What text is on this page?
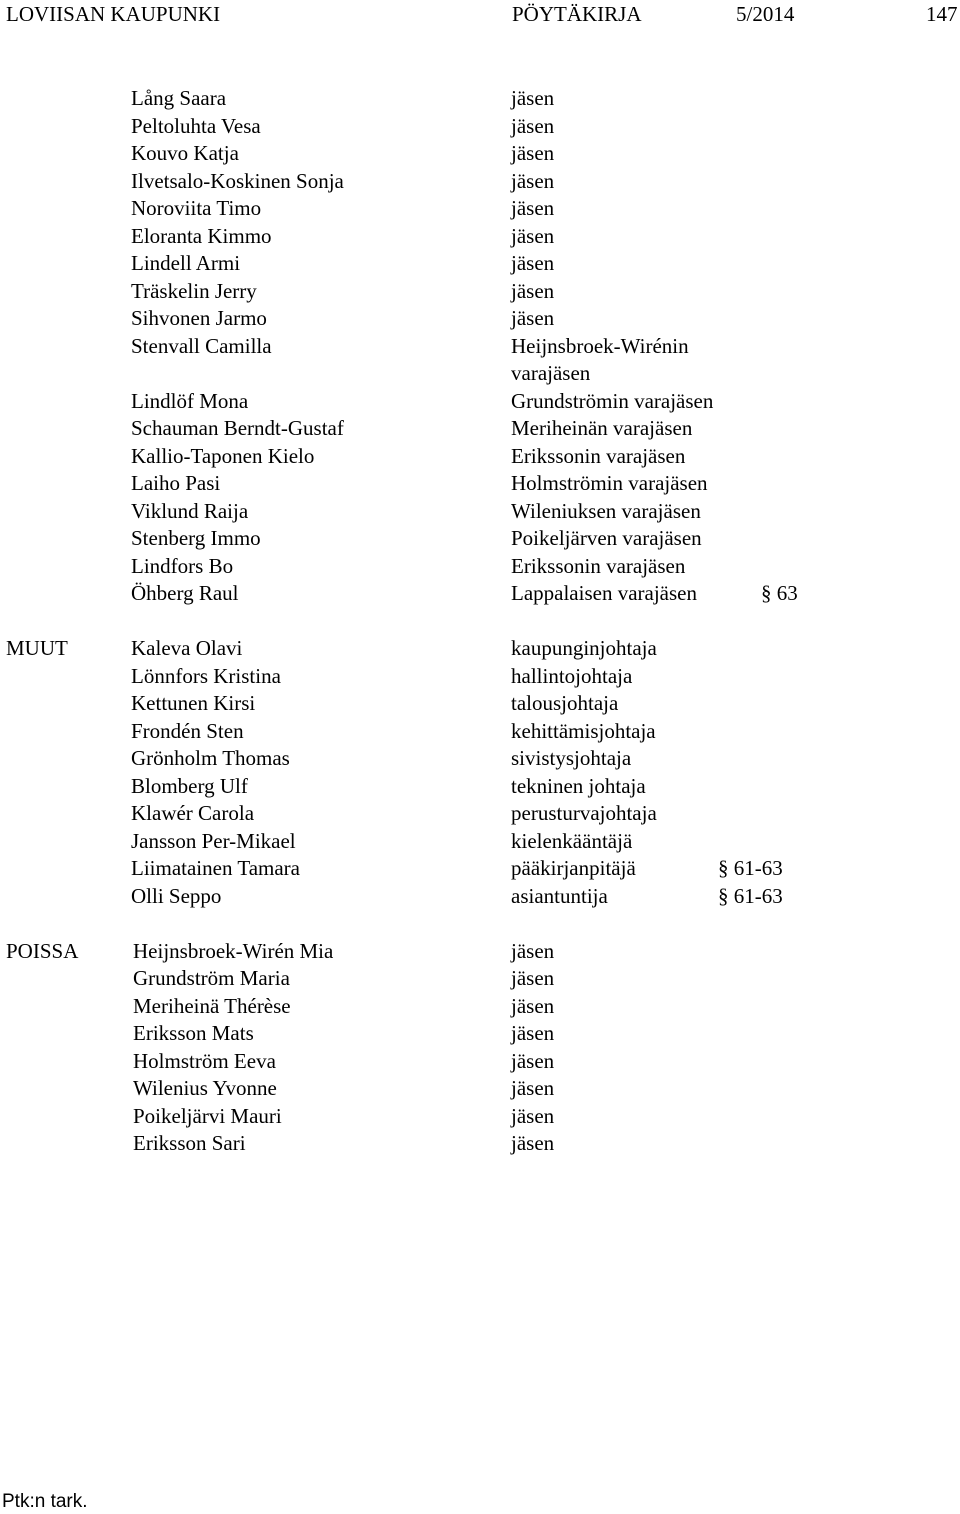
LOVIISAN KAUPUNKI	PÖYTÄKIRJA	5/2014	147
Lång Saara	jäsen
Peltoluhta Vesa	jäsen
Kouvo Katja	jäsen
Ilvetsalo-Koskinen Sonja	jäsen
Noroviita Timo	jäsen
Eloranta Kimmo	jäsen
Lindell Armi	jäsen
Träskelin Jerry	jäsen
Sihvonen Jarmo	jäsen
Stenvall Camilla	Heijnsbroek-Wirénin
varajäsen
Lindlöf Mona	Grundströmin varajäsen
Schauman Berndt-Gustaf	Meriheinän varajäsen
Kallio-Taponen Kielo	Erikssonin varajäsen
Laiho Pasi	Holmströmin varajäsen
Viklund Raija	Wileniuksen varajäsen
Stenberg Immo	Poikeljärven varajäsen
Lindfors Bo	Erikssonin varajäsen
Öhberg Raul	Lappalaisen varajäsen	§ 63
MUUT	Kaleva Olavi	kaupunginjohtaja
Lönnfors Kristina	hallintojohtaja
Kettunen Kirsi	talousjohtaja
Frondén Sten	kehittämisjohtaja
Grönholm Thomas	sivistysjohtaja
Blomberg Ulf	tekninen johtaja
Klawér Carola	perusturvajohtaja
Jansson Per-Mikael	kielenkääntäjä
Liimatainen Tamara	pääkirjanpitäjä	§ 61-63
Olli Seppo	asiantuntija	§ 61-63
POISSA	Heijnsbroek-Wirén Mia	jäsen
Grundström Maria	jäsen
Meriheinä Thérèse	jäsen
Eriksson Mats	jäsen
Holmström Eeva	jäsen
Wilenius Yvonne	jäsen
Poikeljärvi Mauri	jäsen
Eriksson Sari	jäsen
Ptk:n tark.
